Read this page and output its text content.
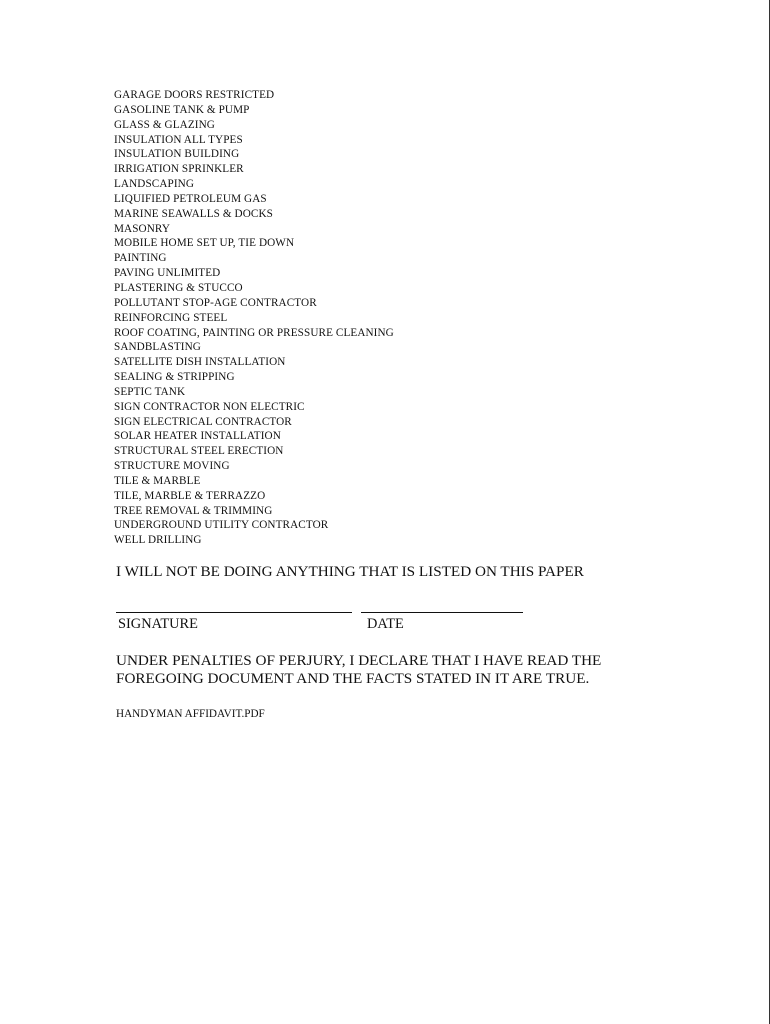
GARAGE DOORS RESTRICTED
GASOLINE TANK & PUMP
GLASS & GLAZING
INSULATION ALL TYPES
INSULATION BUILDING
IRRIGATION SPRINKLER
LANDSCAPING
LIQUIFIED PETROLEUM GAS
MARINE SEAWALLS & DOCKS
MASONRY
MOBILE HOME SET UP, TIE DOWN
PAINTING
PAVING UNLIMITED
PLASTERING & STUCCO
POLLUTANT STOP-AGE CONTRACTOR
REINFORCING STEEL
ROOF COATING, PAINTING OR PRESSURE CLEANING
SANDBLASTING
SATELLITE DISH INSTALLATION
SEALING & STRIPPING
SEPTIC TANK
SIGN CONTRACTOR NON ELECTRIC
SIGN ELECTRICAL CONTRACTOR
SOLAR HEATER INSTALLATION
STRUCTURAL STEEL ERECTION
STRUCTURE MOVING
TILE & MARBLE
TILE, MARBLE & TERRAZZO
TREE REMOVAL & TRIMMING
UNDERGROUND UTILITY CONTRACTOR
WELL DRILLING
I WILL NOT BE DOING ANYTHING THAT IS LISTED ON THIS PAPER
SIGNATURE	DATE
UNDER PENALTIES OF PERJURY, I DECLARE THAT I HAVE READ THE
FOREGOING DOCUMENT AND THE FACTS STATED IN IT ARE TRUE.
HANDYMAN AFFIDAVIT.PDF
